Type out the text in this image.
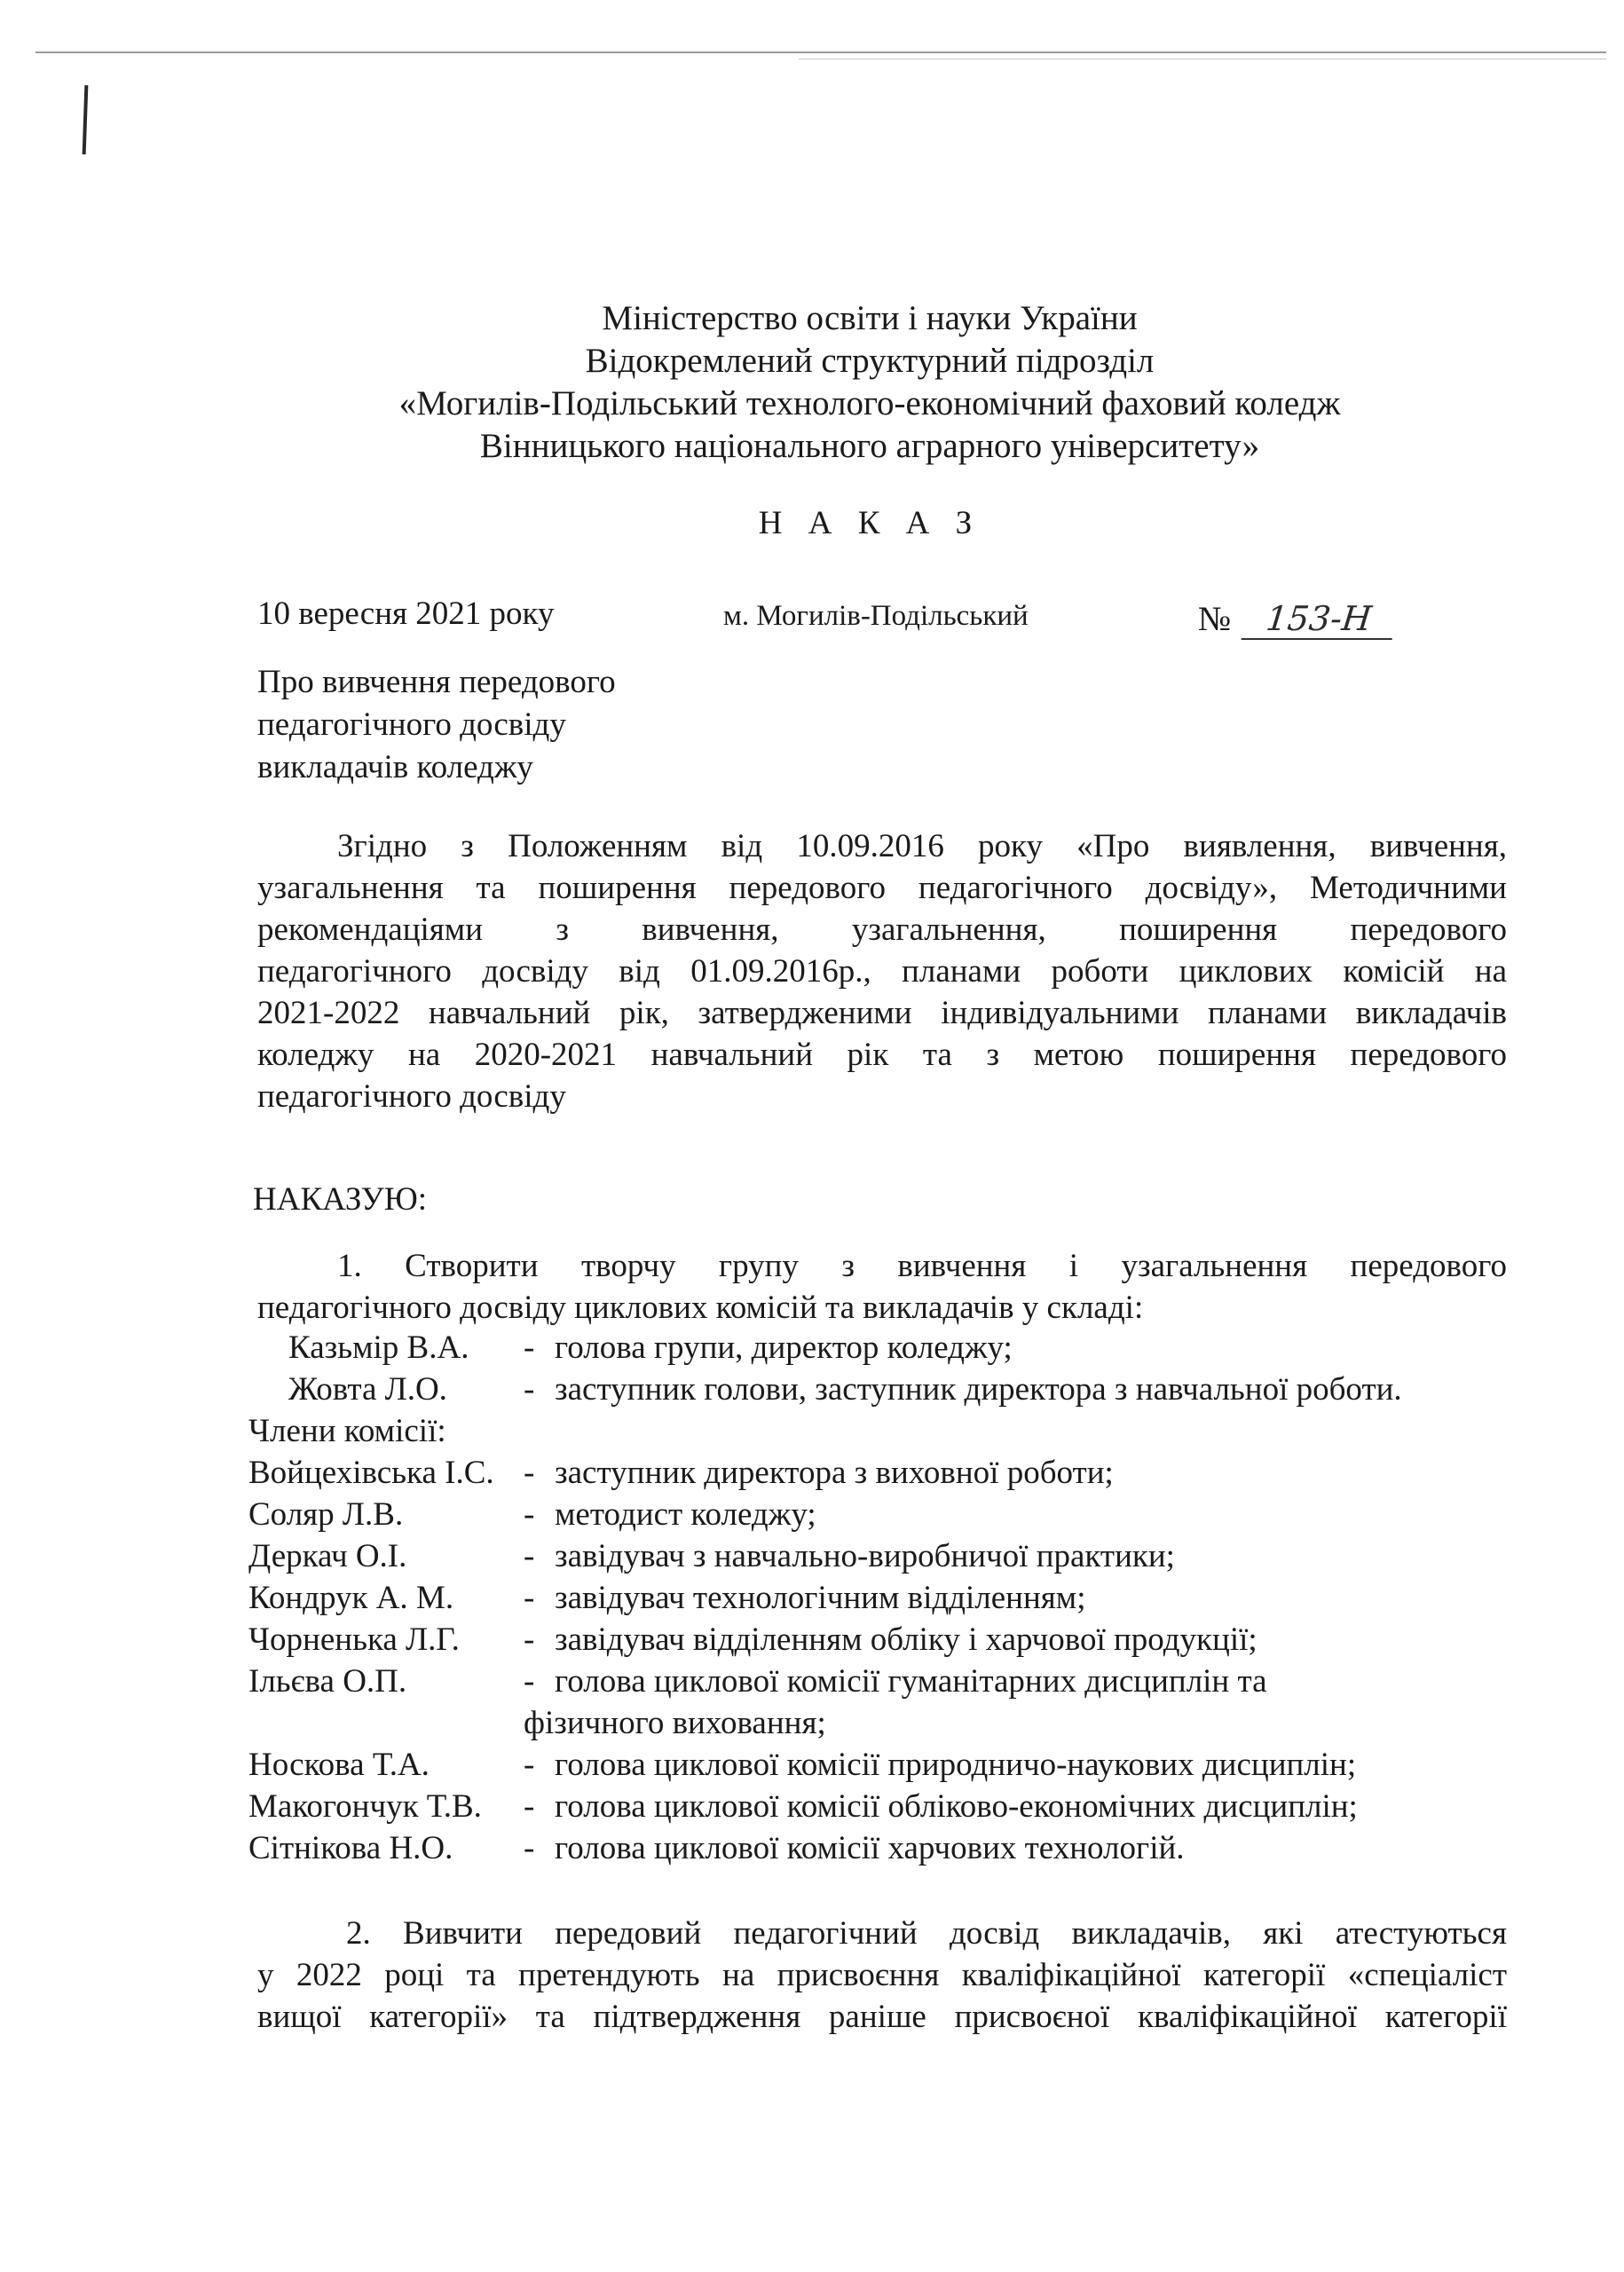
Міністерство освіти і науки України
Відокремлений структурний підрозділ
«Могилів-Подільський технолого-економічний фаховий коледж
Вінницького національного аграрного університету»
Н А К А З
10 вересня 2021 року	м. Могилів-Подільський	№ 153-Н
Про вивчення передового
педагогічного досвіду
викладачів коледжу
Згідно з Положенням від 10.09.2016 року «Про виявлення, вивчення,
узагальнення та поширення передового педагогічного досвіду», Методичними
рекомендаціями з вивчення, узагальнення, поширення передового
педагогічного досвіду від 01.09.2016р., планами роботи циклових комісій на
2021-2022 навчальний рік, затвердженими індивідуальними планами викладачів
коледжу на 2020-2021 навчальний рік та з метою поширення передового
педагогічного досвіду
НАКАЗУЮ:
1. Створити творчу групу з вивчення і узагальнення передового
педагогічного досвіду циклових комісій та викладачів у складі:
Казьмір В.А. - голова групи, директор коледжу;
Жовта Л.О. - заступник голови, заступник директора з навчальної роботи.
Члени комісії:
Войцехівська І.С. - заступник директора з виховної роботи;
Соляр Л.В.	- методист коледжу;
Деркач О.І.	- завідувач з навчально-виробничої практики;
Кондрук А. М. - завідувач технологічним відділенням;
Чорненька Л.Г. - завідувач відділенням обліку і харчової продукції;
Ільєва О.П.	- голова циклової комісії гуманітарних дисциплін та
фізичного виховання;
Носкова Т.А.	- голова циклової комісії природничо-наукових дисциплін;
Макогончук Т.В. - голова циклової комісії обліково-економічних дисциплін;
Сітнікова Н.О. - голова циклової комісії харчових технологій.
2. Вивчити передовий педагогічний досвід викладачів, які атестуються
у 2022 році та претендують на присвоєння кваліфікаційної категорії «спеціаліст
вищої категорії» та підтвердження раніше присвоєної кваліфікаційної категорії
